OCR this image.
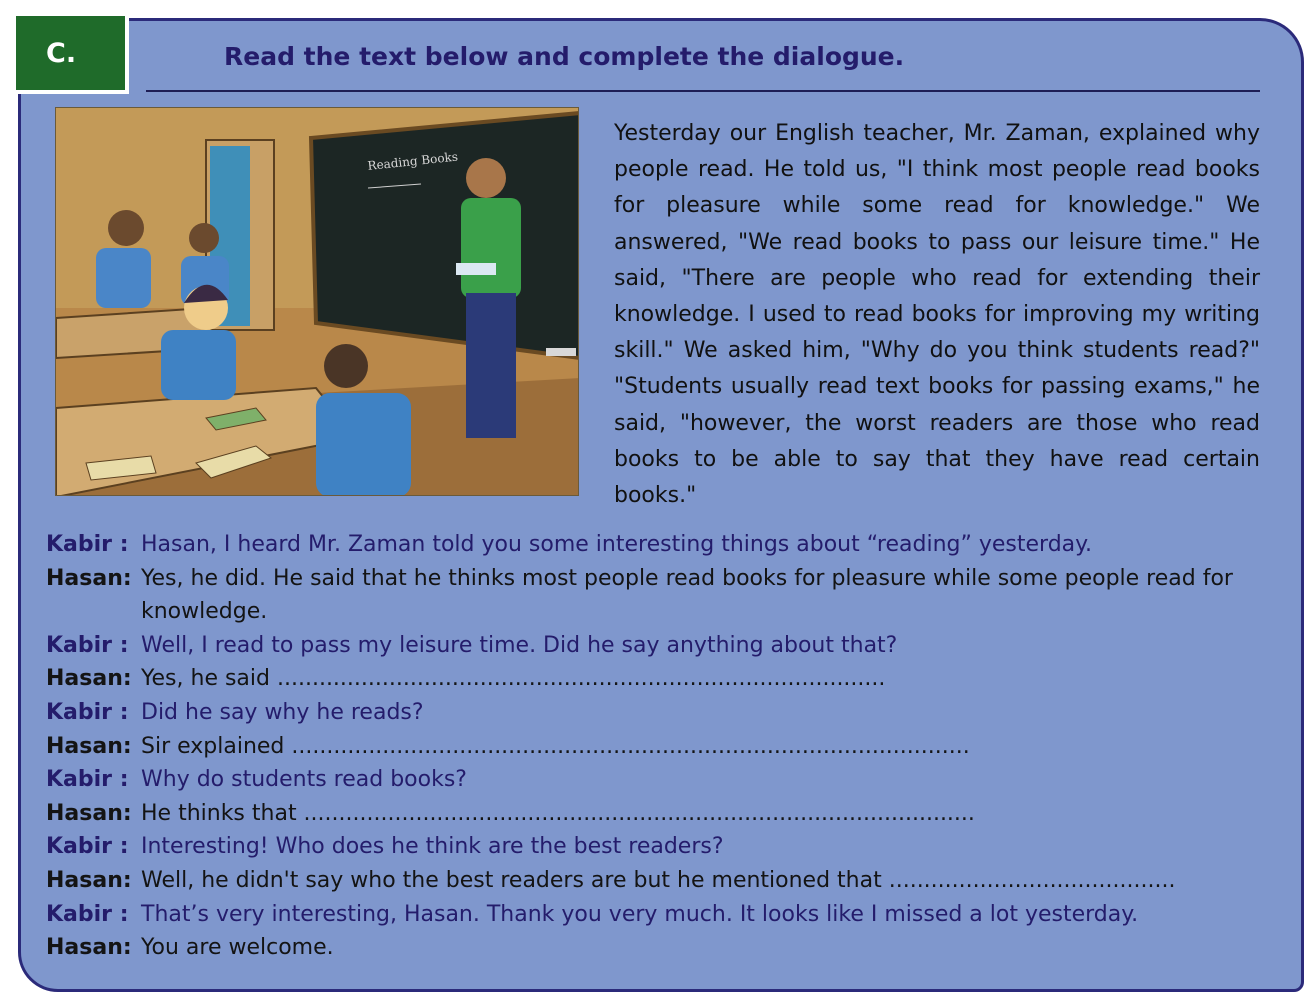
C.	Read the text below and complete the dialogue.
Reading Books
Yesterday our English teacher, Mr. Zaman, explained why people read. He told us, "I think most people read books for pleasure while some read for knowledge." We answered, "We read books to pass our leisure time." He said, "There are people who read for extending their knowledge. I used to read books for improving my writing skill." We asked him, "Why do you think students read?" "Students usually read text books for passing exams," he said, "however, the worst readers are those who read books to be able to say that they have read certain books."
Kabir : Hasan, I heard Mr. Zaman told you some interesting things about “reading” yesterday.
Hasan: Yes, he did. He said that he thinks most people read books for pleasure while some people read for knowledge.
Kabir : Well, I read to pass my leisure time. Did he say anything about that?
Hasan: Yes, he said .......................................................................................
Kabir : Did he say why he reads?
Hasan: Sir explained .................................................................................................
Kabir : Why do students read books?
Hasan: He thinks that ................................................................................................
Kabir : Interesting! Who does he think are the best readers?
Hasan: Well, he didn't say who the best readers are but he mentioned that .........................................
Kabir : That’s very interesting, Hasan. Thank you very much. It looks like I missed a lot yesterday.
Hasan: You are welcome.
